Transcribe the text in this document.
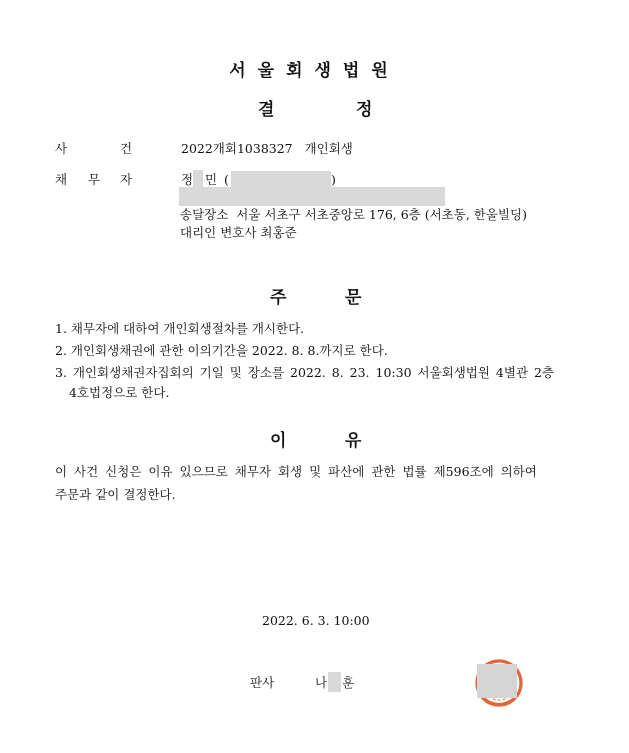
서울회생법원
결	정
사	건	2022개회1038327   개인회생
채 무 자	정 민 (	)
송달장소  서울 서초구 서초중앙로 176, 6층 (서초동, 한울빌딩)
대리인 변호사 최홍준
주	문
1. 채무자에 대하여 개인회생절차를 개시한다.
2. 개인회생채권에 관한 이의기간을 2022. 8. 8.까지로 한다.
3. 개인회생채권자집회의 기일 및 장소를 2022. 8. 23. 10:30 서울회생법원 4별관 2층
4호법정으로 한다.
이	유
이 사건 신청은 이유 있으므로 채무자 회생 및 파산에 관한 법률 제596조에 의하여
주문과 같이 결정한다.
2022. 6. 3. 10:00
판사	나 훈
